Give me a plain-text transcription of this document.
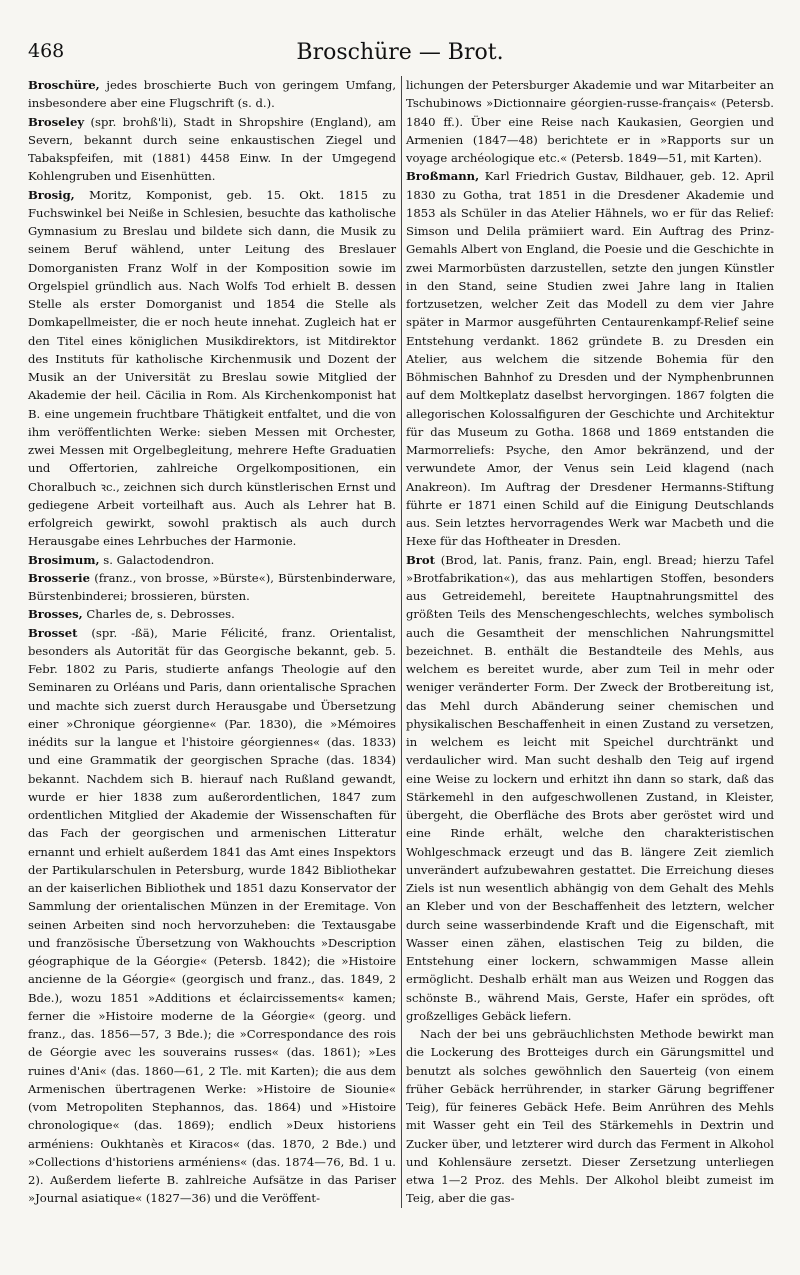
468	Broschüre — Brot.

Broschüre, jedes broschierte Buch von geringem Umfang, insbesondere aber eine Flugschrift (s. d.).

Broseley (spr. brohß'li), Stadt in Shropshire (England), am Severn, bekannt durch seine enkaustischen Ziegel und Tabakspfeifen, mit (1881) 4458 Einw. In der Umgegend Kohlengruben und Eisenhütten.

Brosig, Moritz, Komponist, geb. 15. Okt. 1815 zu Fuchswinkel bei Neiße in Schlesien, besuchte das katholische Gymnasium zu Breslau und bildete sich dann, die Musik zu seinem Beruf wählend, unter Leitung des Breslauer Domorganisten Franz Wolf in der Komposition sowie im Orgelspiel gründlich aus. Nach Wolfs Tod erhielt B. dessen Stelle als erster Domorganist und 1854 die Stelle als Domkapellmeister, die er noch heute innehat. Zugleich hat er den Titel eines königlichen Musikdirektors, ist Mitdirektor des Instituts für katholische Kirchenmusik und Dozent der Musik an der Universität zu Breslau sowie Mitglied der Akademie der heil. Cäcilia in Rom. Als Kirchenkomponist hat B. eine ungemein fruchtbare Thätigkeit entfaltet, und die von ihm veröffentlichten Werke: sieben Messen mit Orchester, zwei Messen mit Orgelbegleitung, mehrere Hefte Graduatien und Offertorien, zahlreiche Orgelkompositionen, ein Choralbuch ꝛc., zeichnen sich durch künstlerischen Ernst und gediegene Arbeit vorteilhaft aus. Auch als Lehrer hat B. erfolgreich gewirkt, sowohl praktisch als auch durch Herausgabe eines Lehrbuches der Harmonie.

Brosimum, s. Galactodendron.

Brosserie (franz., von brosse, »Bürste«), Bürstenbinderware, Bürstenbinderei; brossieren, bürsten.

Brosses, Charles de, s. Debrosses.

Brosset (spr. -ßä), Marie Félicité, franz. Orientalist, besonders als Autorität für das Georgische bekannt, geb. 5. Febr. 1802 zu Paris, studierte anfangs Theologie auf den Seminaren zu Orléans und Paris, dann orientalische Sprachen und machte sich zuerst durch Herausgabe und Übersetzung einer »Chronique géorgienne« (Par. 1830), die »Mémoires inédits sur la langue et l'histoire géorgiennes« (das. 1833) und eine Grammatik der georgischen Sprache (das. 1834) bekannt. Nachdem sich B. hierauf nach Rußland gewandt, wurde er hier 1838 zum außerordentlichen, 1847 zum ordentlichen Mitglied der Akademie der Wissenschaften für das Fach der georgischen und armenischen Litteratur ernannt und erhielt außerdem 1841 das Amt eines Inspektors der Partikularschulen in Petersburg, wurde 1842 Bibliothekar an der kaiserlichen Bibliothek und 1851 dazu Konservator der Sammlung der orientalischen Münzen in der Eremitage. Von seinen Arbeiten sind noch hervorzuheben: die Textausgabe und französische Übersetzung von Wakhouchts »Description géographique de la Géorgie« (Petersb. 1842); die »Histoire ancienne de la Géorgie« (georgisch und franz., das. 1849, 2 Bde.), wozu 1851 »Additions et éclaircissements« kamen; ferner die »Histoire moderne de la Géorgie« (georg. und franz., das. 1856—57, 3 Bde.); die »Correspondance des rois de Géorgie avec les souverains russes« (das. 1861); »Les ruines d'Ani« (das. 1860—61, 2 Tle. mit Karten); die aus dem Armenischen übertragenen Werke: »Histoire de Siounie« (vom Metropoliten Stephannos, das. 1864) und »Histoire chronologique« (das. 1869); endlich »Deux historiens arméniens: Oukhtanès et Kiracos« (das. 1870, 2 Bde.) und »Collections d'historiens arméniens« (das. 1874—76, Bd. 1 u. 2). Außerdem lieferte B. zahlreiche Aufsätze in das Pariser »Journal asiatique« (1827—36) und die Veröffent-

lichungen der Petersburger Akademie und war Mitarbeiter an Tschubinows »Dictionnaire géorgien-russe-français« (Petersb. 1840 ff.). Über eine Reise nach Kaukasien, Georgien und Armenien (1847—48) berichtete er in »Rapports sur un voyage archéologique etc.« (Petersb. 1849—51, mit Karten).

Broßmann, Karl Friedrich Gustav, Bildhauer, geb. 12. April 1830 zu Gotha, trat 1851 in die Dresdener Akademie und 1853 als Schüler in das Atelier Hähnels, wo er für das Relief: Simson und Delila prämiiert ward. Ein Auftrag des Prinz-Gemahls Albert von England, die Poesie und die Geschichte in zwei Marmorbüsten darzustellen, setzte den jungen Künstler in den Stand, seine Studien zwei Jahre lang in Italien fortzusetzen, welcher Zeit das Modell zu dem vier Jahre später in Marmor ausgeführten Centaurenkampf-Relief seine Entstehung verdankt. 1862 gründete B. zu Dresden ein Atelier, aus welchem die sitzende Bohemia für den Böhmischen Bahnhof zu Dresden und der Nymphenbrunnen auf dem Moltkeplatz daselbst hervorgingen. 1867 folgten die allegorischen Kolossalfiguren der Geschichte und Architektur für das Museum zu Gotha. 1868 und 1869 entstanden die Marmorreliefs: Psyche, den Amor bekränzend, und der verwundete Amor, der Venus sein Leid klagend (nach Anakreon). Im Auftrag der Dresdener Hermanns-Stiftung führte er 1871 einen Schild auf die Einigung Deutschlands aus. Sein letztes hervorragendes Werk war Macbeth und die Hexe für das Hoftheater in Dresden.

Brot (Brod, lat. Panis, franz. Pain, engl. Bread; hierzu Tafel »Brotfabrikation«), das aus mehlartigen Stoffen, besonders aus Getreidemehl, bereitete Hauptnahrungsmittel des größten Teils des Menschengeschlechts, welches symbolisch auch die Gesamtheit der menschlichen Nahrungsmittel bezeichnet. B. enthält die Bestandteile des Mehls, aus welchem es bereitet wurde, aber zum Teil in mehr oder weniger veränderter Form. Der Zweck der Brotbereitung ist, das Mehl durch Abänderung seiner chemischen und physikalischen Beschaffenheit in einen Zustand zu versetzen, in welchem es leicht mit Speichel durchtränkt und verdaulicher wird. Man sucht deshalb den Teig auf irgend eine Weise zu lockern und erhitzt ihn dann so stark, daß das Stärkemehl in den aufgeschwollenen Zustand, in Kleister, übergeht, die Oberfläche des Brots aber geröstet wird und eine Rinde erhält, welche den charakteristischen Wohlgeschmack erzeugt und das B. längere Zeit ziemlich unverändert aufzubewahren gestattet. Die Erreichung dieses Ziels ist nun wesentlich abhängig von dem Gehalt des Mehls an Kleber und von der Beschaffenheit des letztern, welcher durch seine wasserbindende Kraft und die Eigenschaft, mit Wasser einen zähen, elastischen Teig zu bilden, die Entstehung einer lockern, schwammigen Masse allein ermöglicht. Deshalb erhält man aus Weizen und Roggen das schönste B., während Mais, Gerste, Hafer ein sprödes, oft großzelliges Gebäck liefern.

Nach der bei uns gebräuchlichsten Methode bewirkt man die Lockerung des Brotteiges durch ein Gärungsmittel und benutzt als solches gewöhnlich den Sauerteig (von einem früher Gebäck herrührender, in starker Gärung begriffener Teig), für feineres Gebäck Hefe. Beim Anrühren des Mehls mit Wasser geht ein Teil des Stärkemehls in Dextrin und Zucker über, und letzterer wird durch das Ferment in Alkohol und Kohlensäure zersetzt. Dieser Zersetzung unterliegen etwa 1—2 Proz. des Mehls. Der Alkohol bleibt zumeist im Teig, aber die gas-
